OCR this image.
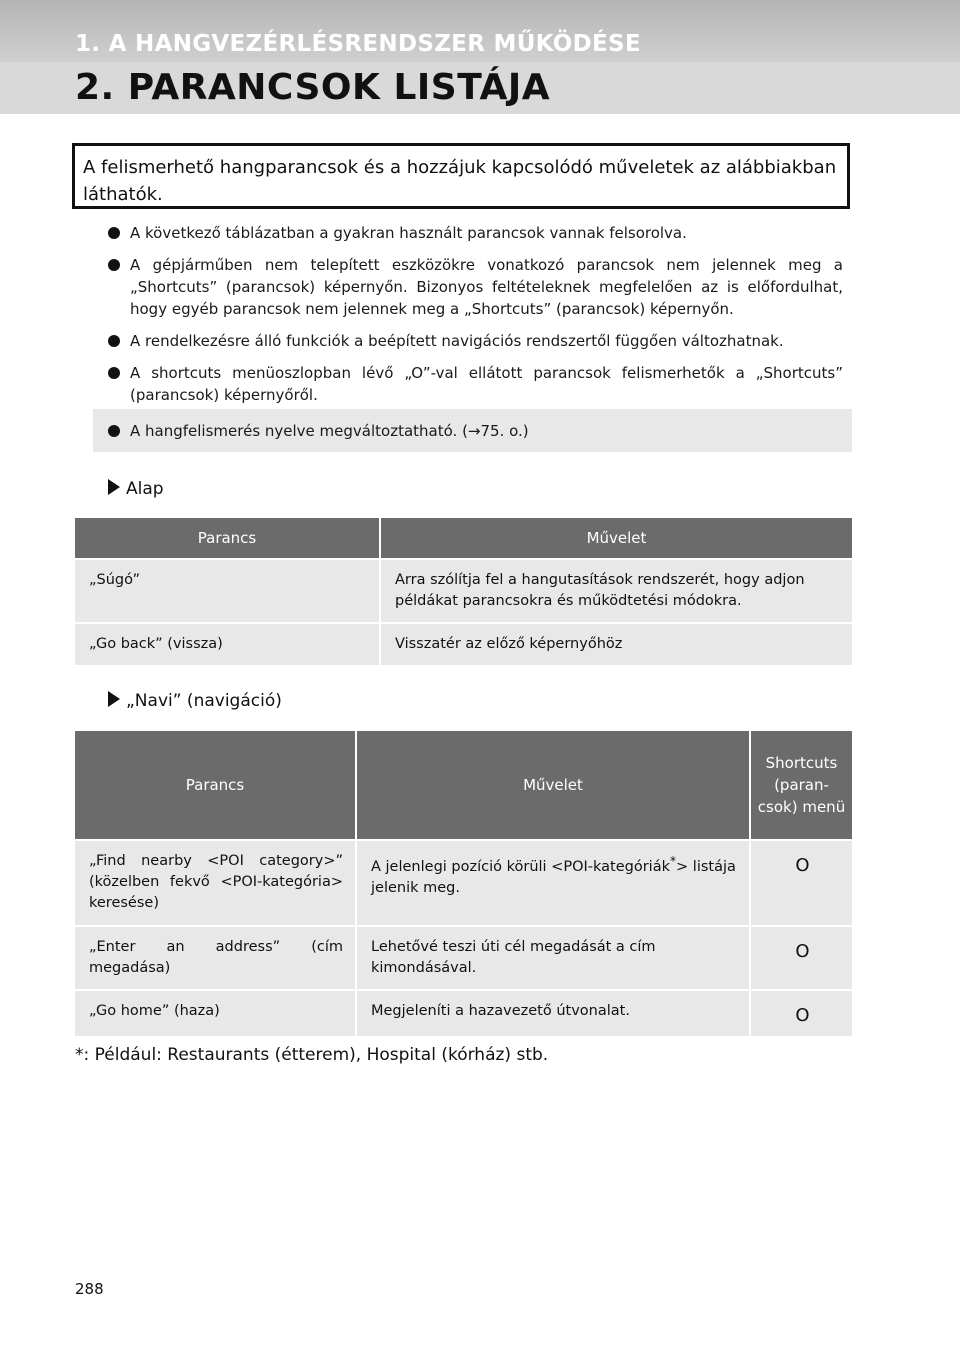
1. A HANGVEZÉRLÉSRENDSZER MŰKÖDÉSE
2. PARANCSOK LISTÁJA
A felismerhető hangparancsok és a hozzájuk kapcsolódó műveletek az alábbiakban láthatók.
A következő táblázatban a gyakran használt parancsok vannak felsorolva.
A gépjárműben nem telepített eszközökre vonatkozó parancsok nem jelennek meg a „Shortcuts” (parancsok) képernyőn. Bizonyos feltételeknek megfelelően az is előfordulhat, hogy egyéb parancsok nem jelennek meg a „Shortcuts” (parancsok) képernyőn.
A rendelkezésre álló funkciók a beépített navigációs rendszertől függően változhatnak.
A shortcuts menüoszlopban lévő „O”-val ellátott parancsok felismerhetők a „Shortcuts” (parancsok) képernyőről.
A hangfelismerés nyelve megváltoztatható. (→75. o.)
Alap
Parancs	Művelet
„Súgó”	Arra szólítja fel a hangutasítások rendszerét, hogy adjon példákat parancsokra és működtetési módokra.
„Go back” (vissza)	Visszatér az előző képernyőhöz
„Navi” (navigáció)
Parancs	Művelet	Shortcuts (paran- csok) menü
„Find nearby <POI category>” (közelben fekvő <POI-kategória> keresése)	A jelenlegi pozíció körüli <POI-kategóriák*> listája jelenik meg.	O
„Enter an address” (cím megadása)	Lehetővé teszi úti cél megadását a cím kimondásával.	O
„Go home” (haza)	Megjeleníti a hazavezető útvonalat.	O
*: Például: Restaurants (étterem), Hospital (kórház) stb.
288
